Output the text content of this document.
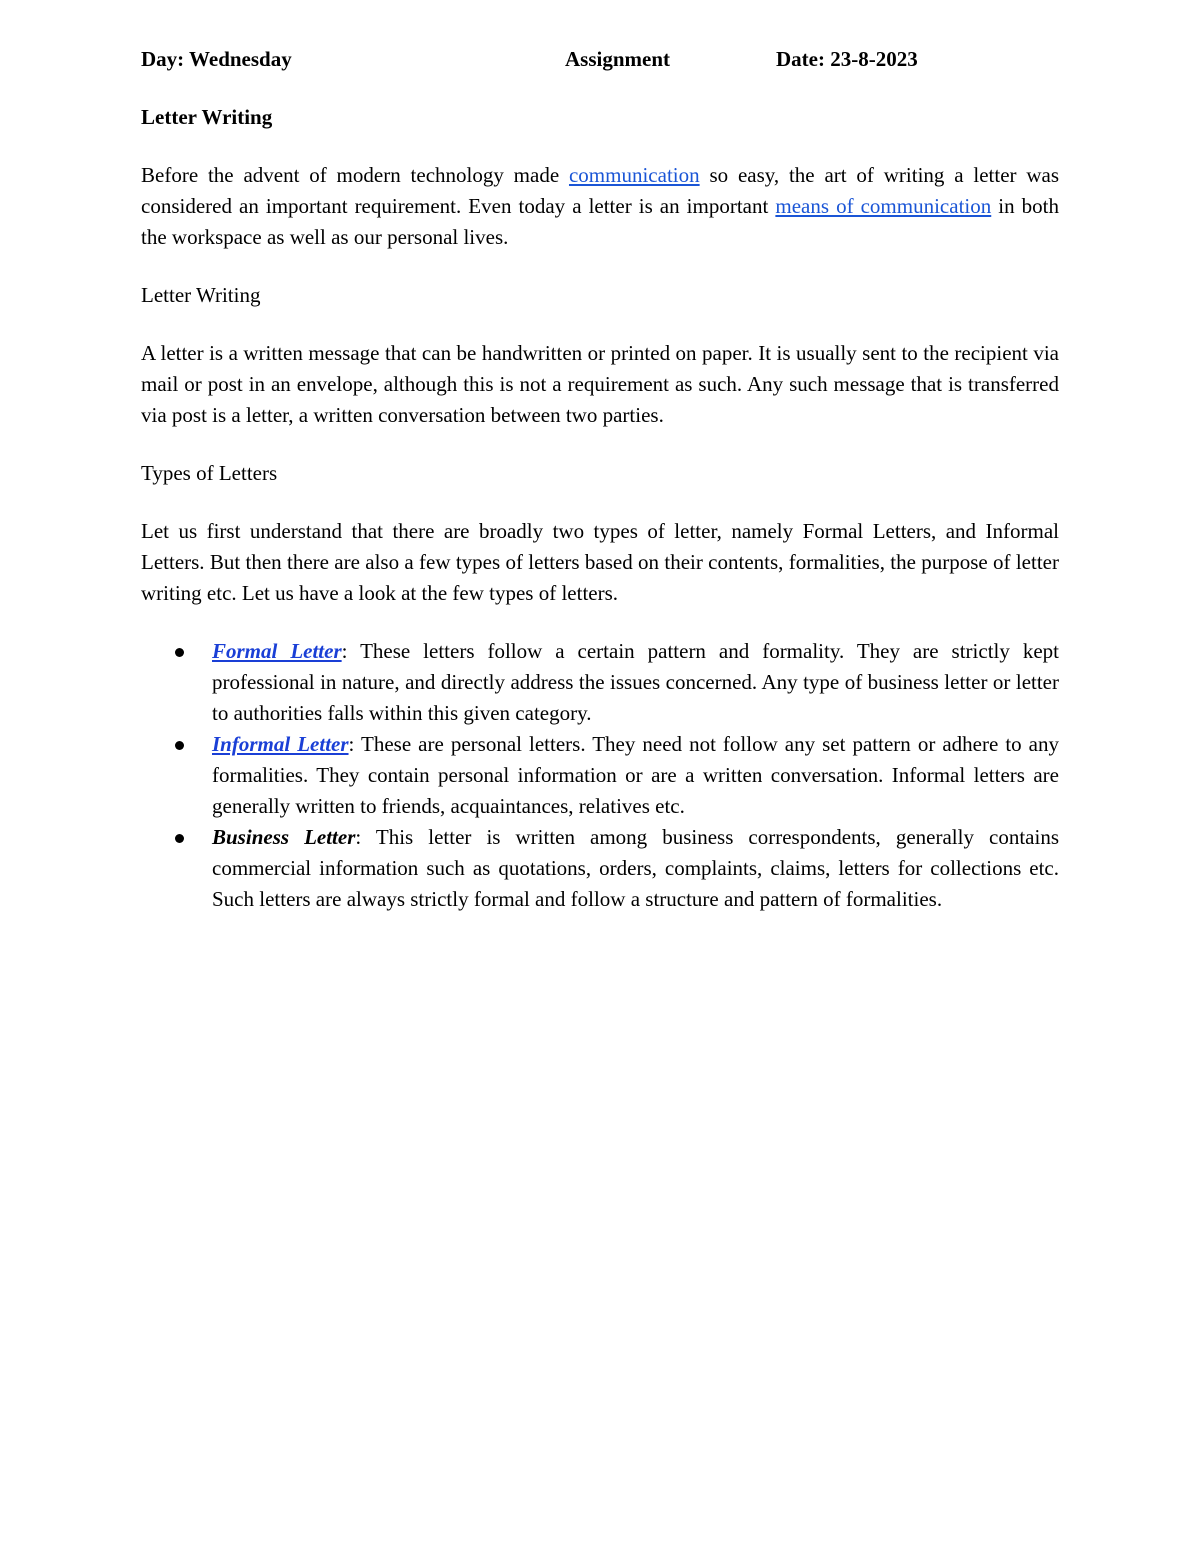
Day: Wednesday	Assignment	Date: 23-8-2023
Letter Writing

Before the advent of modern technology made communication so easy, the art of writing a letter was considered an important requirement. Even today a letter is an important means of communication in both the workspace as well as our personal lives.

Letter Writing

A letter is a written message that can be handwritten or printed on paper. It is usually sent to the recipient via mail or post in an envelope, although this is not a requirement as such. Any such message that is transferred via post is a letter, a written conversation between two parties.

Types of Letters

Let us first understand that there are broadly two types of letter, namely Formal Letters, and Informal Letters. But then there are also a few types of letters based on their contents, formalities, the purpose of letter writing etc. Let us have a look at the few types of letters.

Formal Letter: These letters follow a certain pattern and formality. They are strictly kept professional in nature, and directly address the issues concerned. Any type of business letter or letter to authorities falls within this given category.
Informal Letter: These are personal letters. They need not follow any set pattern or adhere to any formalities. They contain personal information or are a written conversation. Informal letters are generally written to friends, acquaintances, relatives etc.
Business Letter: This letter is written among business correspondents, generally contains commercial information such as quotations, orders, complaints, claims, letters for collections etc. Such letters are always strictly formal and follow a structure and pattern of formalities.
